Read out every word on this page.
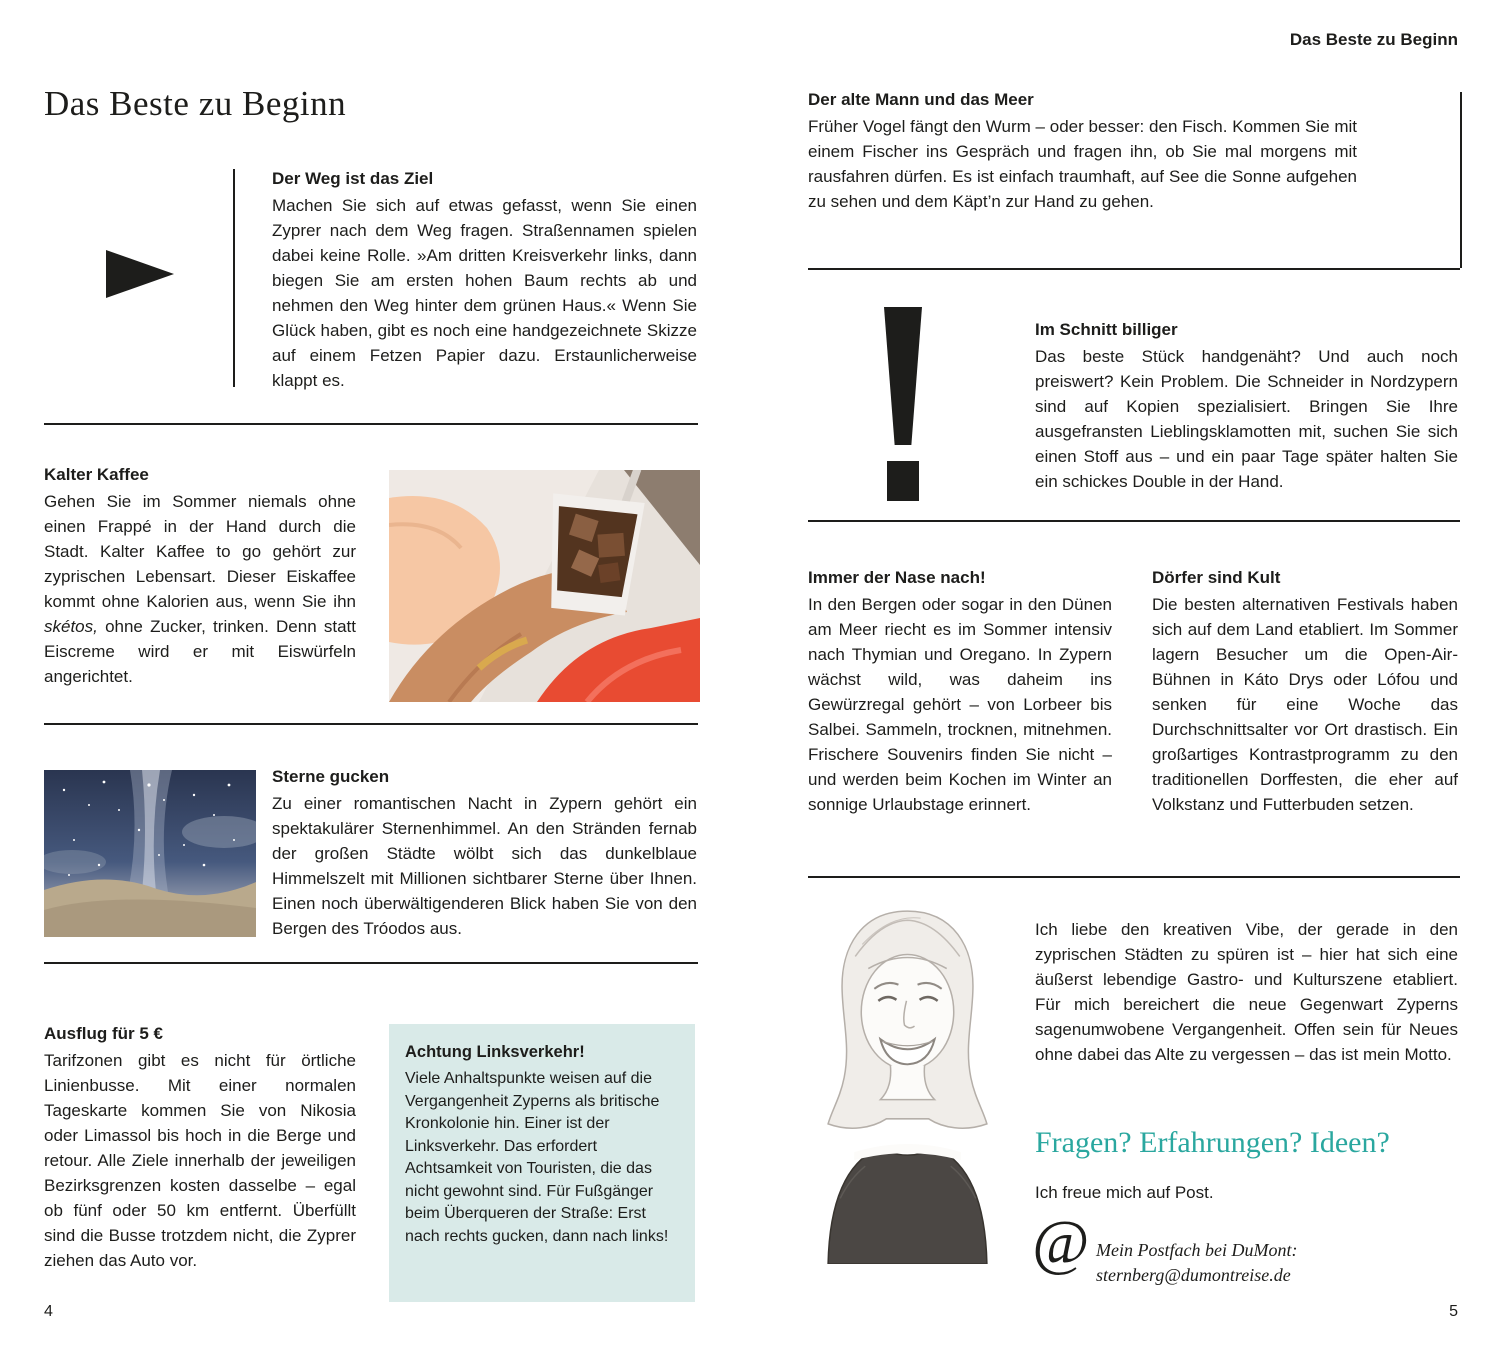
Das Beste zu Beginn
Der Weg ist das Ziel

Machen Sie sich auf etwas gefasst, wenn Sie einen Zyprer nach dem Weg fragen. Straßennamen spielen dabei keine Rolle. »Am dritten Kreisverkehr links, dann biegen Sie am ersten hohen Baum rechts ab und nehmen den Weg hinter dem grünen Haus.« Wenn Sie Glück haben, gibt es noch eine handgezeichnete Skizze auf einem Fetzen Papier dazu. Erstaunlicherweise klappt es.

Kalter Kaffee

Gehen Sie im Sommer niemals ohne einen Frappé in der Hand durch die Stadt. Kalter Kaffee to go gehört zur zyprischen Lebensart. Dieser Eiskaffee kommt ohne Kalorien aus, wenn Sie ihn skétos, ohne Zucker, trinken. Denn statt Eiscreme wird er mit Eiswürfeln angerichtet.

Sterne gucken

Zu einer romantischen Nacht in Zypern gehört ein spektakulärer Sternenhimmel. An den Stränden fernab der großen Städte wölbt sich das dunkelblaue Himmelszelt mit Millionen sichtbarer Sterne über Ihnen. Einen noch überwältigenderen Blick haben Sie von den Bergen des Tróodos aus.

Ausflug für 5 €

Tarifzonen gibt es nicht für örtliche Linienbusse. Mit einer normalen Tageskarte kommen Sie von Nikosia oder Limassol bis hoch in die Berge und retour. Alle Ziele innerhalb der jeweiligen Bezirksgrenzen kosten dasselbe – egal ob fünf oder 50 km entfernt. Überfüllt sind die Busse trotzdem nicht, die Zyprer ziehen das Auto vor.

Achtung Linksverkehr!

Viele Anhaltspunkte weisen auf die Vergangenheit Zyperns als britische Kronkolonie hin. Einer ist der Linksverkehr. Das erfordert Achtsamkeit von Touristen, die das nicht gewohnt sind. Für Fußgänger beim Überqueren der Straße: Erst nach rechts gucken, dann nach links!

4
Das Beste zu Beginn
Der alte Mann und das Meer

Früher Vogel fängt den Wurm – oder besser: den Fisch. Kommen Sie mit einem Fischer ins Gespräch und fragen ihn, ob Sie mal morgens mit rausfahren dürfen. Es ist einfach traumhaft, auf See die Sonne aufgehen zu sehen und dem Käpt’n zur Hand zu gehen.

Im Schnitt billiger

Das beste Stück handgenäht? Und auch noch preiswert? Kein Problem. Die Schneider in Nordzypern sind auf Kopien spezialisiert. Bringen Sie Ihre ausgefransten Lieblingsklamotten mit, suchen Sie sich einen Stoff aus – und ein paar Tage später halten Sie ein schickes Double in der Hand.

Immer der Nase nach!

In den Bergen oder sogar in den Dünen am Meer riecht es im Sommer intensiv nach Thymian und Oregano. In Zypern wächst wild, was daheim ins Gewürzregal gehört – von Lorbeer bis Salbei. Sammeln, trocknen, mitnehmen. Frischere Souvenirs finden Sie nicht – und werden beim Kochen im Winter an sonnige Urlaubstage erinnert.

Dörfer sind Kult

Die besten alternativen Festivals haben sich auf dem Land etabliert. Im Sommer lagern Besucher um die Open-Air-Bühnen in Káto Drys oder Lófou und senken für eine Woche das Durchschnittsalter vor Ort drastisch. Ein großartiges Kontrastprogramm zu den traditionellen Dorffesten, die eher auf Volkstanz und Futterbuden setzen.

Ich liebe den kreativen Vibe, der gerade in den zyprischen Städten zu spüren ist – hier hat sich eine äußerst lebendige Gastro- und Kulturszene etabliert. Für mich bereichert die neue Gegenwart Zyperns sagenumwobene Vergangenheit. Offen sein für Neues ohne dabei das Alte zu vergessen – das ist mein Motto.

Fragen? Erfahrungen? Ideen?
Ich freue mich auf Post.
@ Mein Postfach bei DuMont:
sternberg@dumontreise.de
5
